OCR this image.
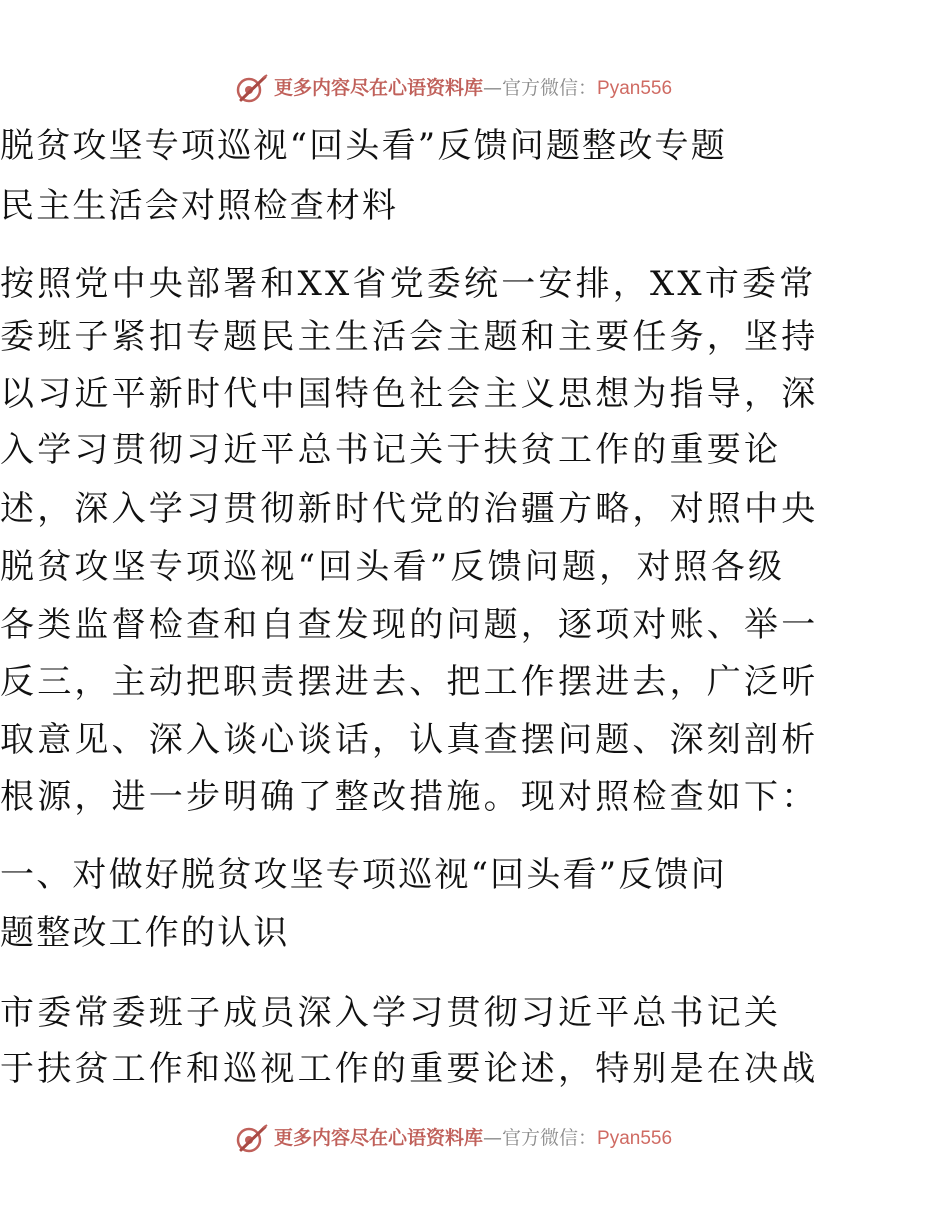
更多内容尽在心语资料库—官方微信：Pyan556
脱贫攻坚专项巡视“回头看”反馈问题整改专题
民主生活会对照检查材料
按照党中央部署和XX省党委统一安排，XX市委常
委班子紧扣专题民主生活会主题和主要任务，坚持
以习近平新时代中国特色社会主义思想为指导，深
入学习贯彻习近平总书记关于扶贫工作的重要论
述，深入学习贯彻新时代党的治疆方略，对照中央
脱贫攻坚专项巡视“回头看”反馈问题，对照各级
各类监督检查和自查发现的问题，逐项对账、举一
反三，主动把职责摆进去、把工作摆进去，广泛听
取意见、深入谈心谈话，认真查摆问题、深刻剖析
根源，进一步明确了整改措施。现对照检查如下：
一、对做好脱贫攻坚专项巡视“回头看”反馈问
题整改工作的认识
市委常委班子成员深入学习贯彻习近平总书记关
于扶贫工作和巡视工作的重要论述，特别是在决战
更多内容尽在心语资料库—官方微信：Pyan556
